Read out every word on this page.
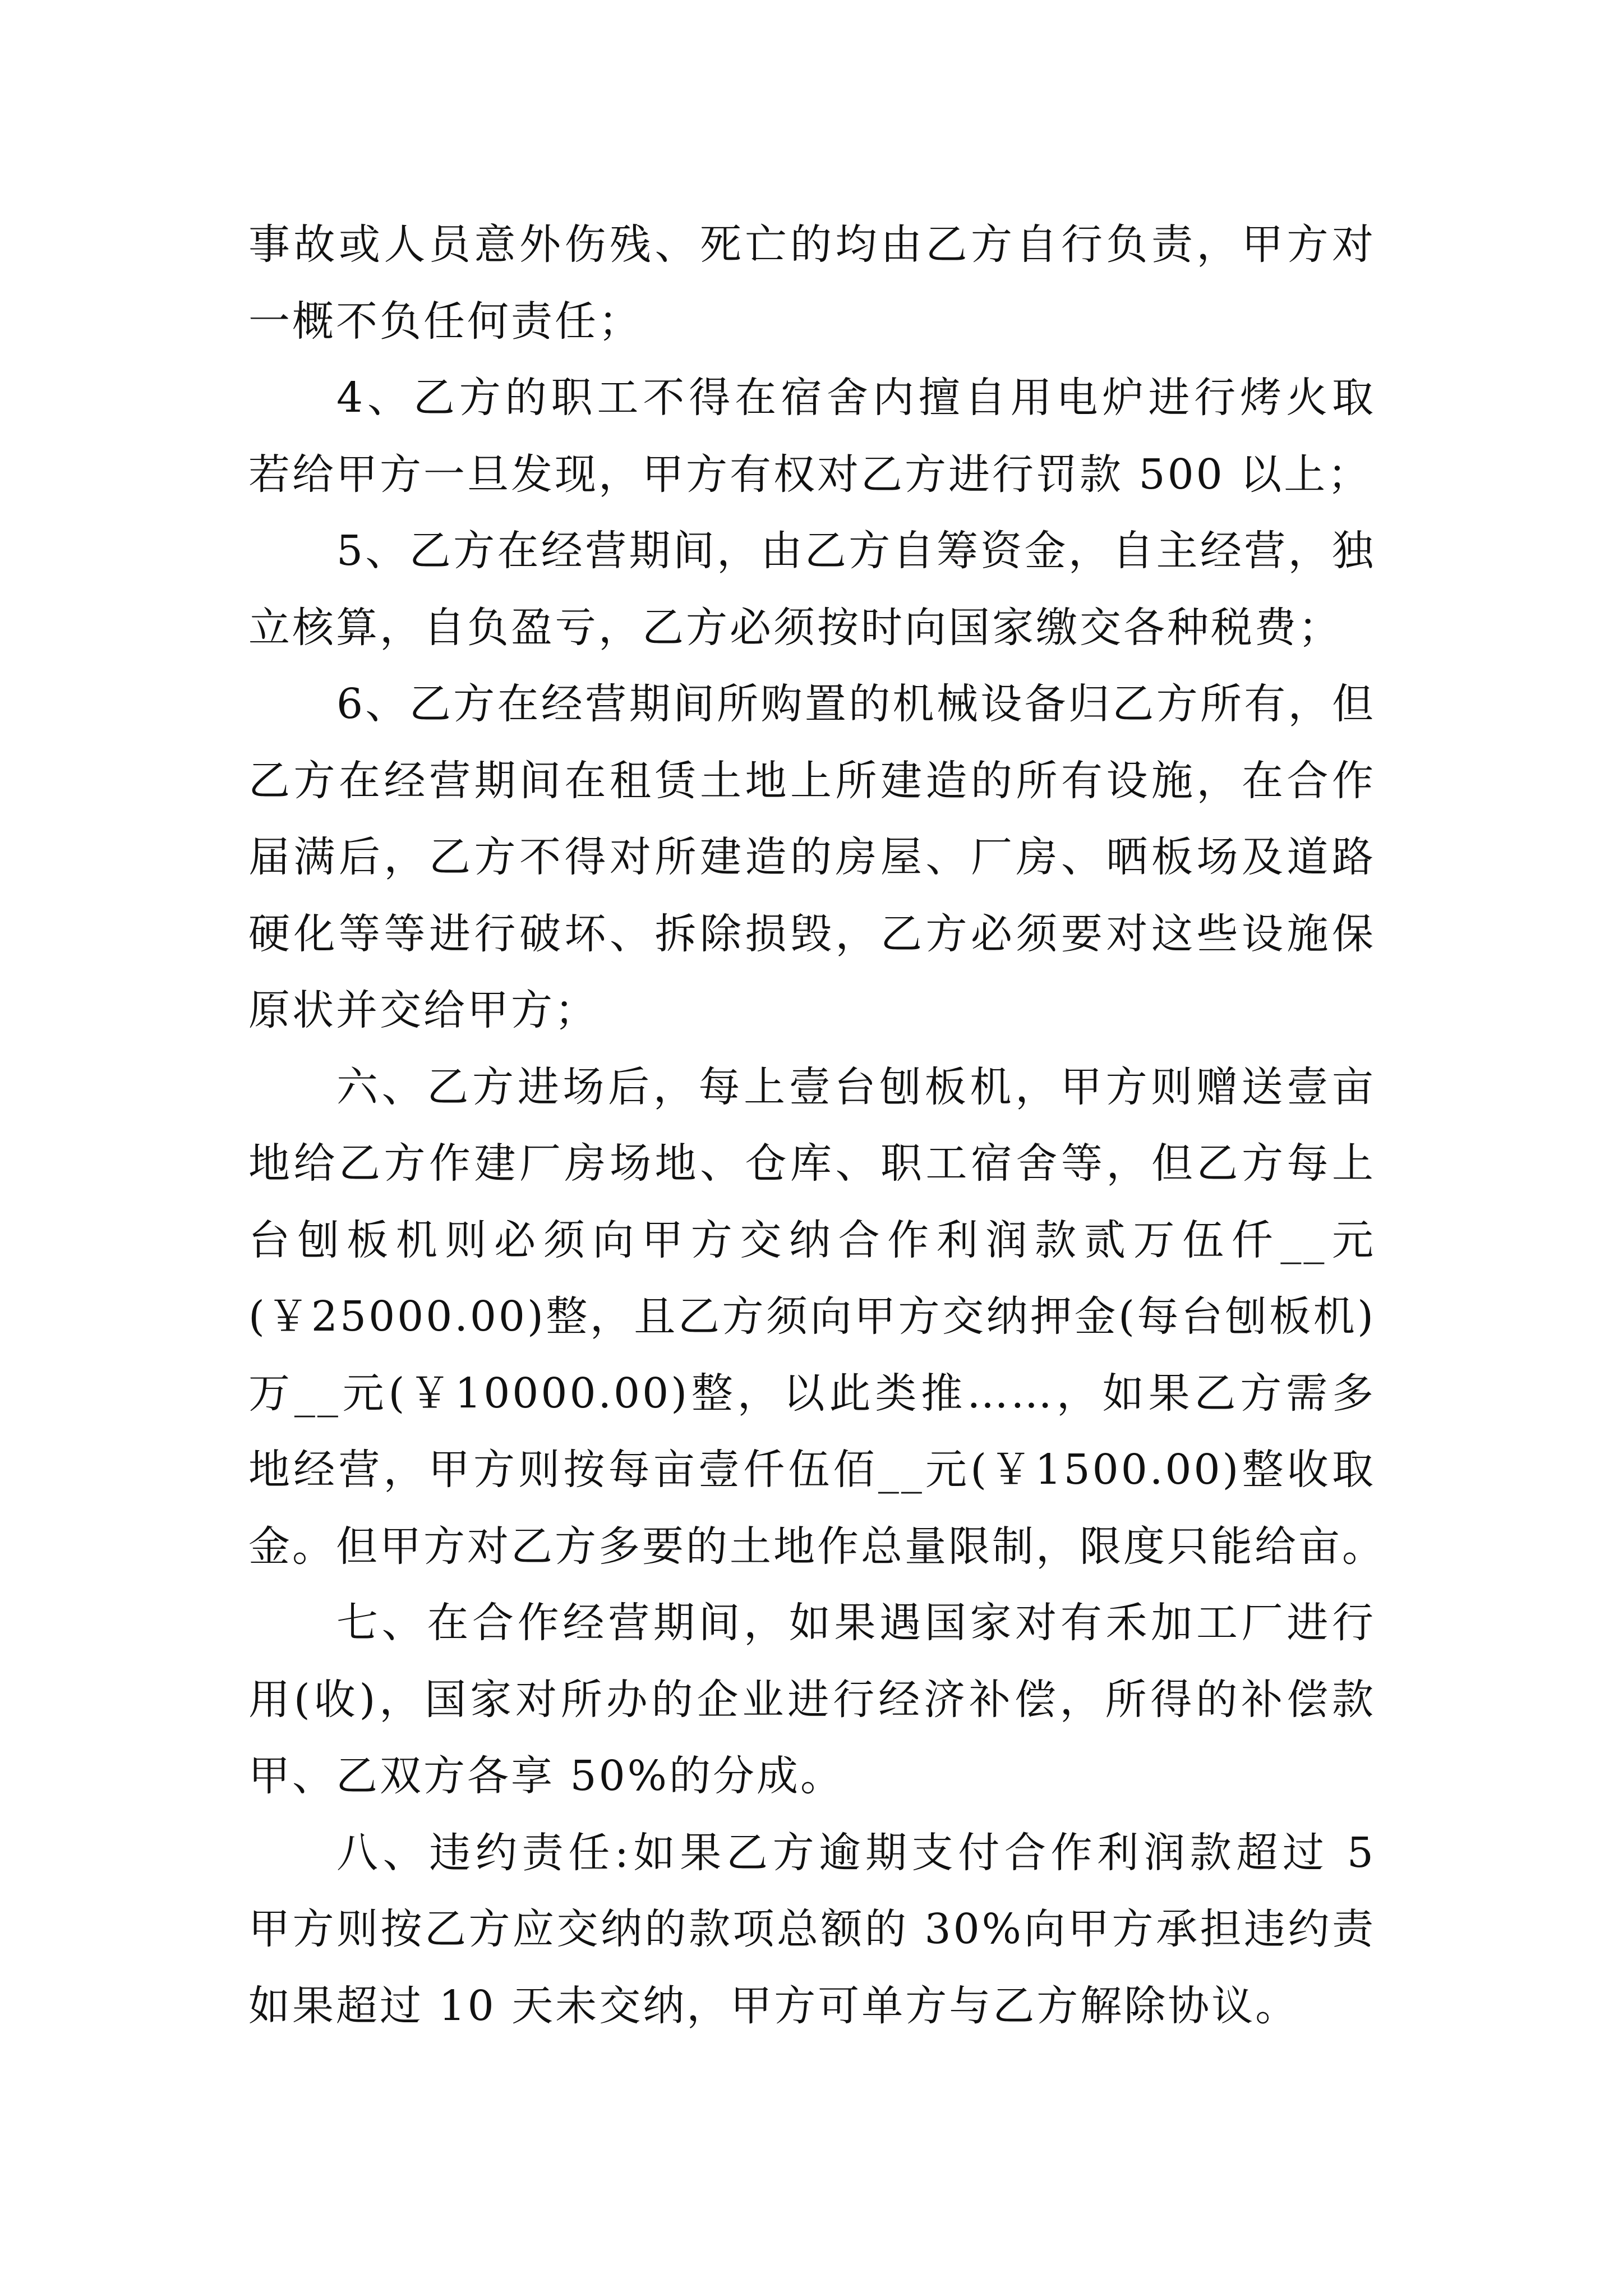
事故或人员意外伤残、死亡的均由乙方自行负责，甲方对
一概不负任何责任；
4、乙方的职工不得在宿舍内擅自用电炉进行烤火取
若给甲方一旦发现，甲方有权对乙方进行罚款 500 以上；
5、乙方在经营期间，由乙方自筹资金，自主经营，独
立核算，自负盈亏，乙方必须按时向国家缴交各种税费；
6、乙方在经营期间所购置的机械设备归乙方所有，但
乙方在经营期间在租赁土地上所建造的所有设施，在合作
届满后，乙方不得对所建造的房屋、厂房、晒板场及道路
硬化等等进行破坏、拆除损毁，乙方必须要对这些设施保
原状并交给甲方；
六、乙方进场后，每上壹台刨板机，甲方则赠送壹亩
地给乙方作建厂房场地、仓库、职工宿舍等，但乙方每上
台刨板机则必须向甲方交纳合作利润款贰万伍仟__元
(￥25000.00)整，且乙方须向甲方交纳押金(每台刨板机)
万__元(￥10000.00)整，以此类推……，如果乙方需多
地经营，甲方则按每亩壹仟伍佰__元(￥1500.00)整收取
金。但甲方对乙方多要的土地作总量限制，限度只能给亩。
七、在合作经营期间，如果遇国家对有禾加工厂进行
用(收)，国家对所办的企业进行经济补偿，所得的补偿款
甲、乙双方各享 50%的分成。
八、违约责任:如果乙方逾期支付合作利润款超过 5
甲方则按乙方应交纳的款项总额的 30%向甲方承担违约责
如果超过 10 天未交纳，甲方可单方与乙方解除协议。
